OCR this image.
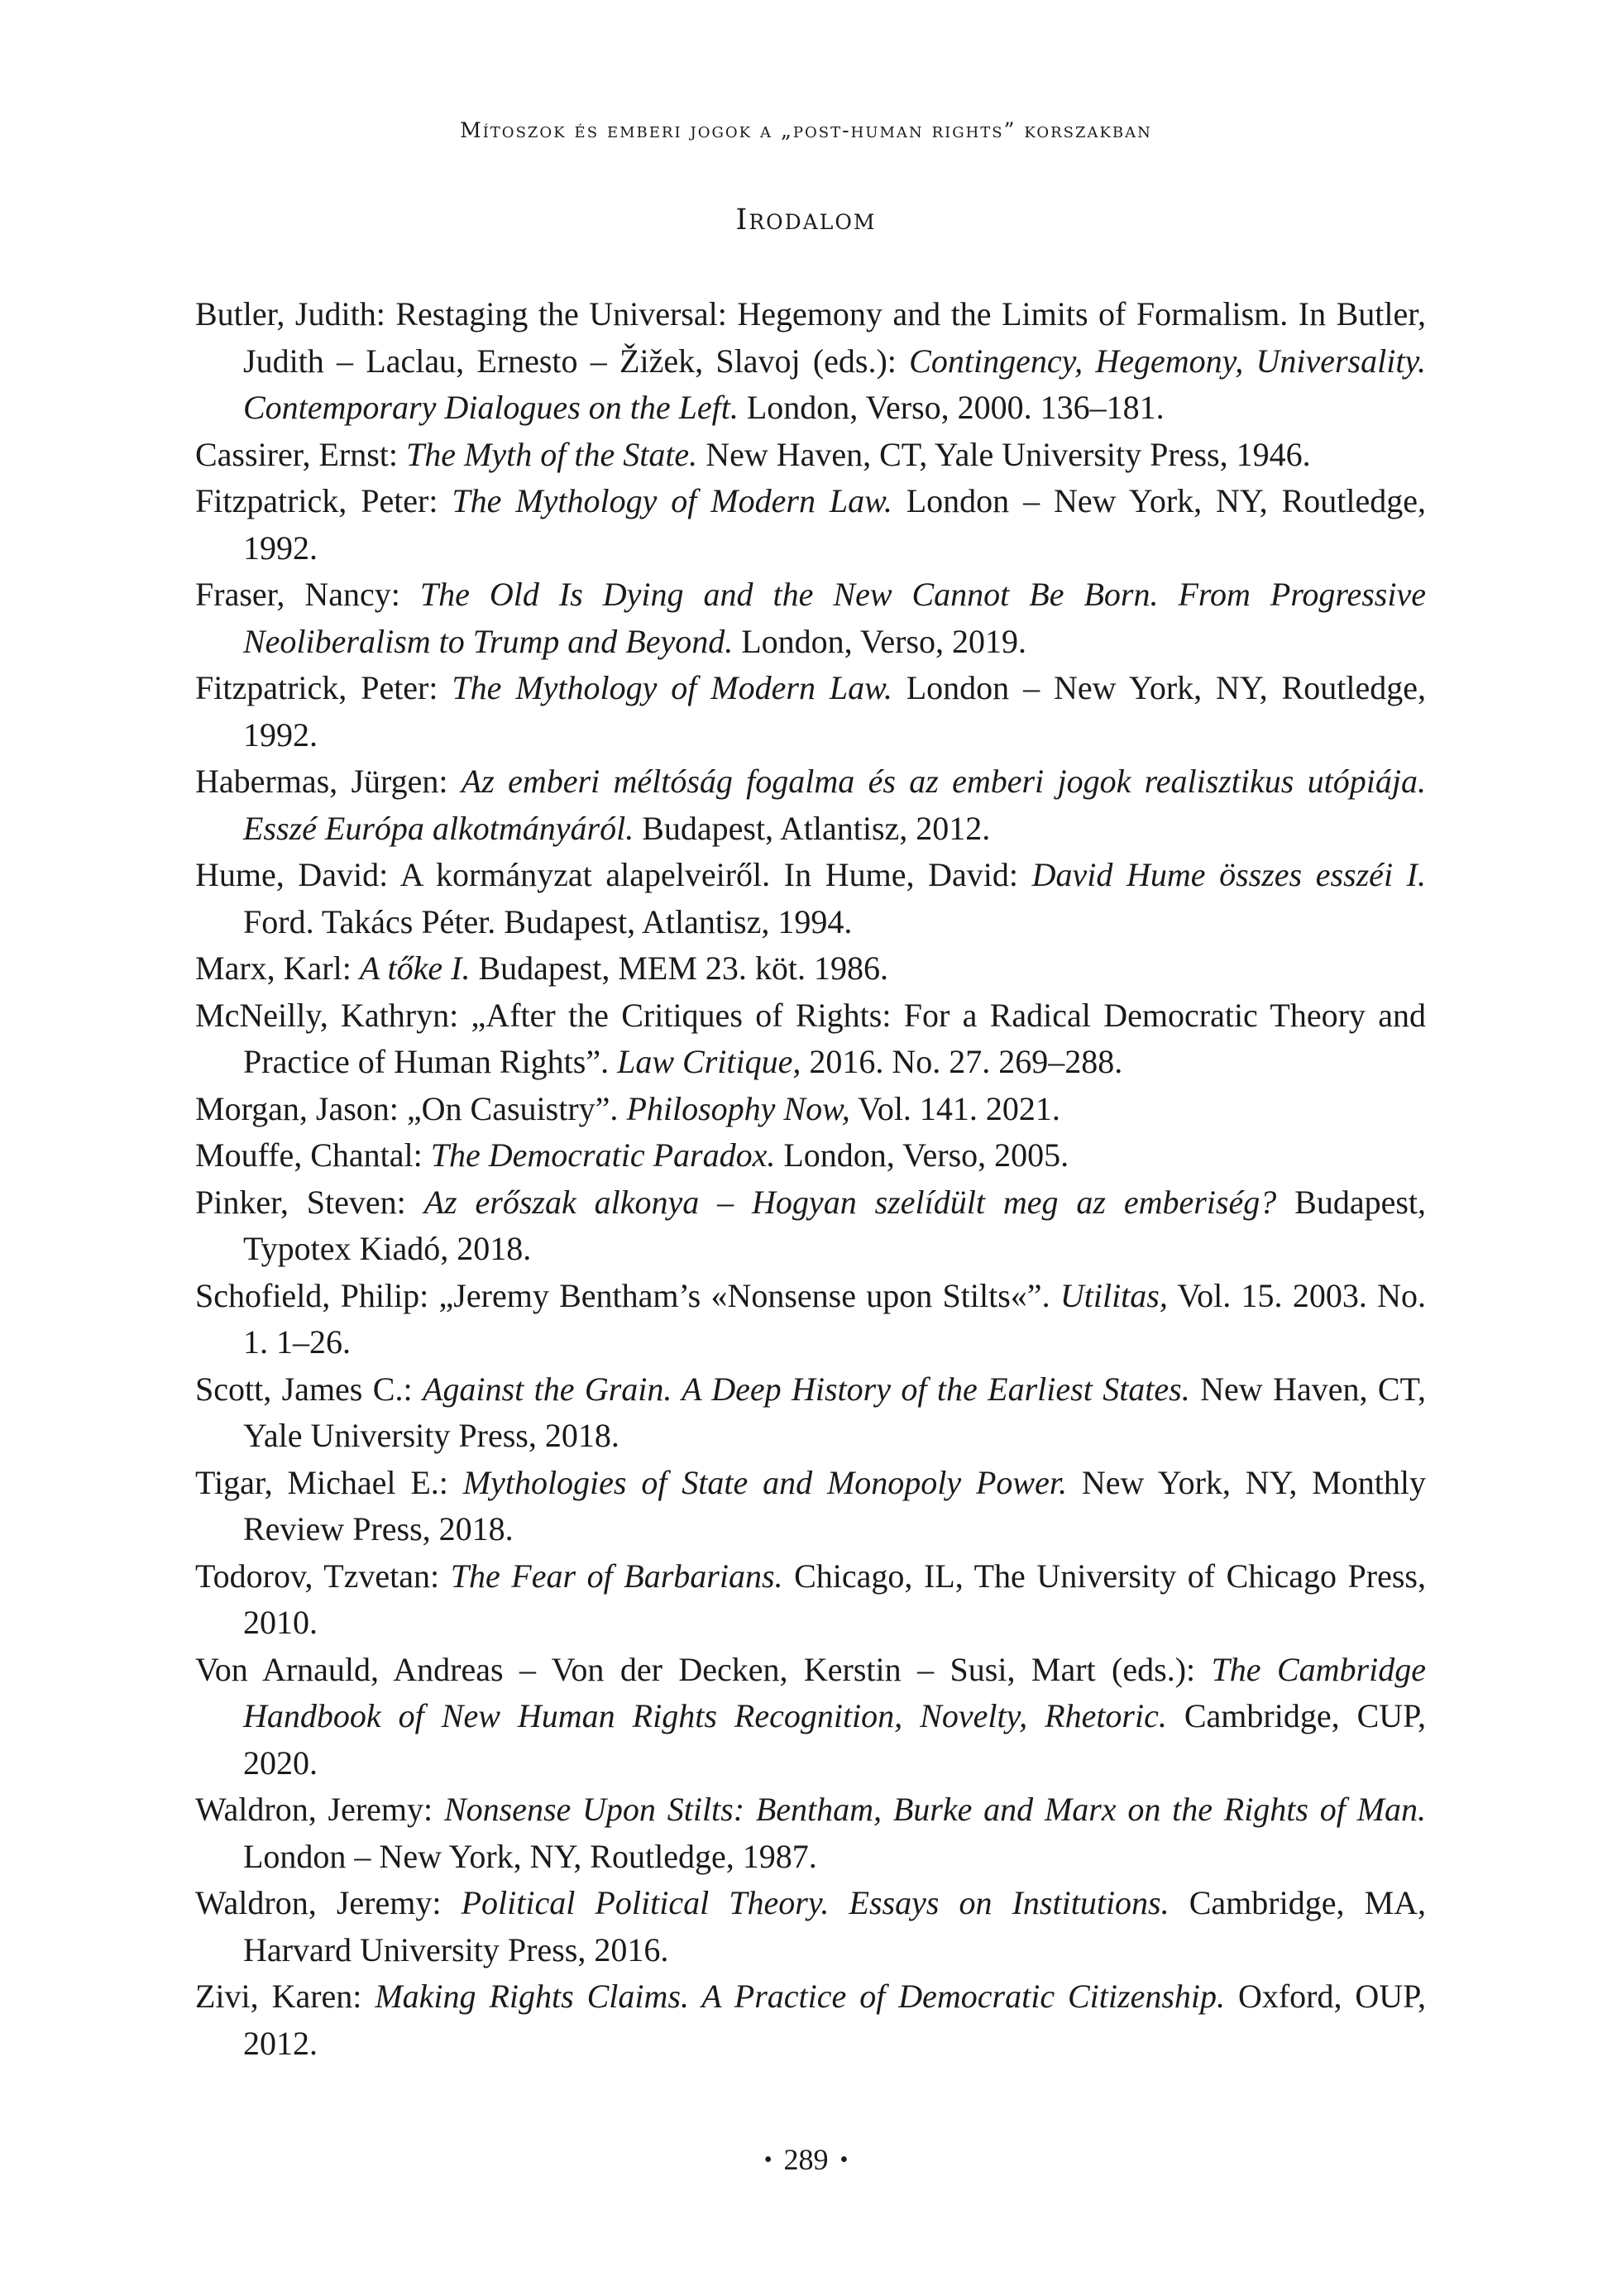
Mítoszok és emberi jogok a „post-human rights” korszakban
Irodalom
Butler, Judith: Restaging the Universal: Hegemony and the Limits of Formalism. In Butler, Judith – Laclau, Ernesto – Žižek, Slavoj (eds.): Contingency, Hegemony, Universality. Contemporary Dialogues on the Left. London, Verso, 2000. 136–181.
Cassirer, Ernst: The Myth of the State. New Haven, CT, Yale University Press, 1946.
Fitzpatrick, Peter: The Mythology of Modern Law. London – New York, NY, Routledge, 1992.
Fraser, Nancy: The Old Is Dying and the New Cannot Be Born. From Progressive Neoliberalism to Trump and Beyond. London, Verso, 2019.
Fitzpatrick, Peter: The Mythology of Modern Law. London – New York, NY, Routledge, 1992.
Habermas, Jürgen: Az emberi méltóság fogalma és az emberi jogok realisztikus utópiája. Esszé Európa alkotmányáról. Budapest, Atlantisz, 2012.
Hume, David: A kormányzat alapelveiről. In Hume, David: David Hume összes esszéi I. Ford. Takács Péter. Budapest, Atlantisz, 1994.
Marx, Karl: A tőke I. Budapest, MEM 23. köt. 1986.
McNeilly, Kathryn: „After the Critiques of Rights: For a Radical Democratic Theory and Practice of Human Rights”. Law Critique, 2016. No. 27. 269–288.
Morgan, Jason: „On Casuistry”. Philosophy Now, Vol. 141. 2021.
Mouffe, Chantal: The Democratic Paradox. London, Verso, 2005.
Pinker, Steven: Az erőszak alkonya – Hogyan szelídült meg az emberiség? Budapest, Typotex Kiadó, 2018.
Schofield, Philip: „Jeremy Bentham’s «Nonsense upon Stilts«”. Utilitas, Vol. 15. 2003. No. 1. 1–26.
Scott, James C.: Against the Grain. A Deep History of the Earliest States. New Haven, CT, Yale University Press, 2018.
Tigar, Michael E.: Mythologies of State and Monopoly Power. New York, NY, Monthly Review Press, 2018.
Todorov, Tzvetan: The Fear of Barbarians. Chicago, IL, The University of Chicago Press, 2010.
Von Arnauld, Andreas – Von der Decken, Kerstin – Susi, Mart (eds.): The Cambridge Handbook of New Human Rights Recognition, Novelty, Rhetoric. Cambridge, CUP, 2020.
Waldron, Jeremy: Nonsense Upon Stilts: Bentham, Burke and Marx on the Rights of Man. London – New York, NY, Routledge, 1987.
Waldron, Jeremy: Political Political Theory. Essays on Institutions. Cambridge, MA, Harvard University Press, 2016.
Zivi, Karen: Making Rights Claims. A Practice of Democratic Citizenship. Oxford, OUP, 2012.
• 289 •
